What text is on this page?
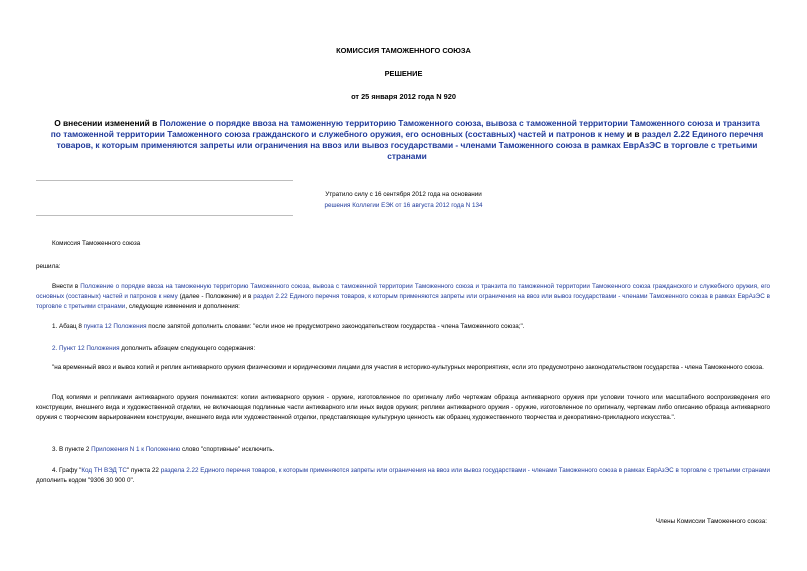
КОМИССИЯ ТАМОЖЕННОГО СОЮЗА
РЕШЕНИЕ
от 25 января 2012 года N 920
О внесении изменений в Положение о порядке ввоза на таможенную территорию Таможенного союза, вывоза с таможенной территории Таможенного союза и транзита по таможенной территории Таможенного союза гражданского и служебного оружия, его основных (составных) частей и патронов к нему и в раздел 2.22 Единого перечня товаров, к которым применяются запреты или ограничения на ввоз или вывоз государствами - членами Таможенного союза в рамках ЕврАзЭС в торговле с третьими странами
Утратило силу с 16 сентября 2012 года на основании
решения Коллегии ЕЭК от 16 августа 2012 года N 134
Комиссия Таможенного союза
решила:

Внести в Положение о порядке ввоза на таможенную территорию Таможенного союза, вывоза с таможенной территории Таможенного союза и транзита по таможенной территории Таможенного союза гражданского и служебного оружия, его основных (составных) частей и патронов к нему (далее - Положение) и в раздел 2.22 Единого перечня товаров, к которым применяются запреты или ограничения на ввоз или вывоз государствами - членами Таможенного союза в рамках ЕврАзЭС в торговле с третьими странами, следующие изменения и дополнения:

1. Абзац 8 пункта 12 Положения после запятой дополнить словами: "если иное не предусмотрено законодательством государства - члена Таможенного союза;".

2. Пункт 12 Положения дополнить абзацем следующего содержания:

"на временный ввоз и вывоз копий и реплик антикварного оружия физическими и юридическими лицами для участия в историко-культурных мероприятиях, если это предусмотрено законодательством государства - члена Таможенного союза.

Под копиями и репликами антикварного оружия понимаются: копии антикварного оружия - оружие, изготовленное по оригиналу либо чертежам образца антикварного оружия при условии точного или масштабного воспроизведения его конструкции, внешнего вида и художественной отделки, не включающая подлинные части антикварного или иных видов оружия; реплики антикварного оружия - оружие, изготовленное по оригиналу, чертежам либо описанию образца антикварного оружия с творческим варьированием конструкции, внешнего вида или художественной отделки, представляющее культурную ценность как образец художественного творчества и декоративно-прикладного искусства.".

3. В пункте 2 Приложения N 1 к Положению слово "спортивные" исключить.

4. Графу "Код ТН ВЭД ТС" пункта 22 раздела 2.22 Единого перечня товаров, к которым применяются запреты или ограничения на ввоз или вывоз государствами - членами Таможенного союза в рамках ЕврАзЭС в торговле с третьими странами дополнить кодом "9306 30 900 0".

Члены Комиссии Таможенного союза:
